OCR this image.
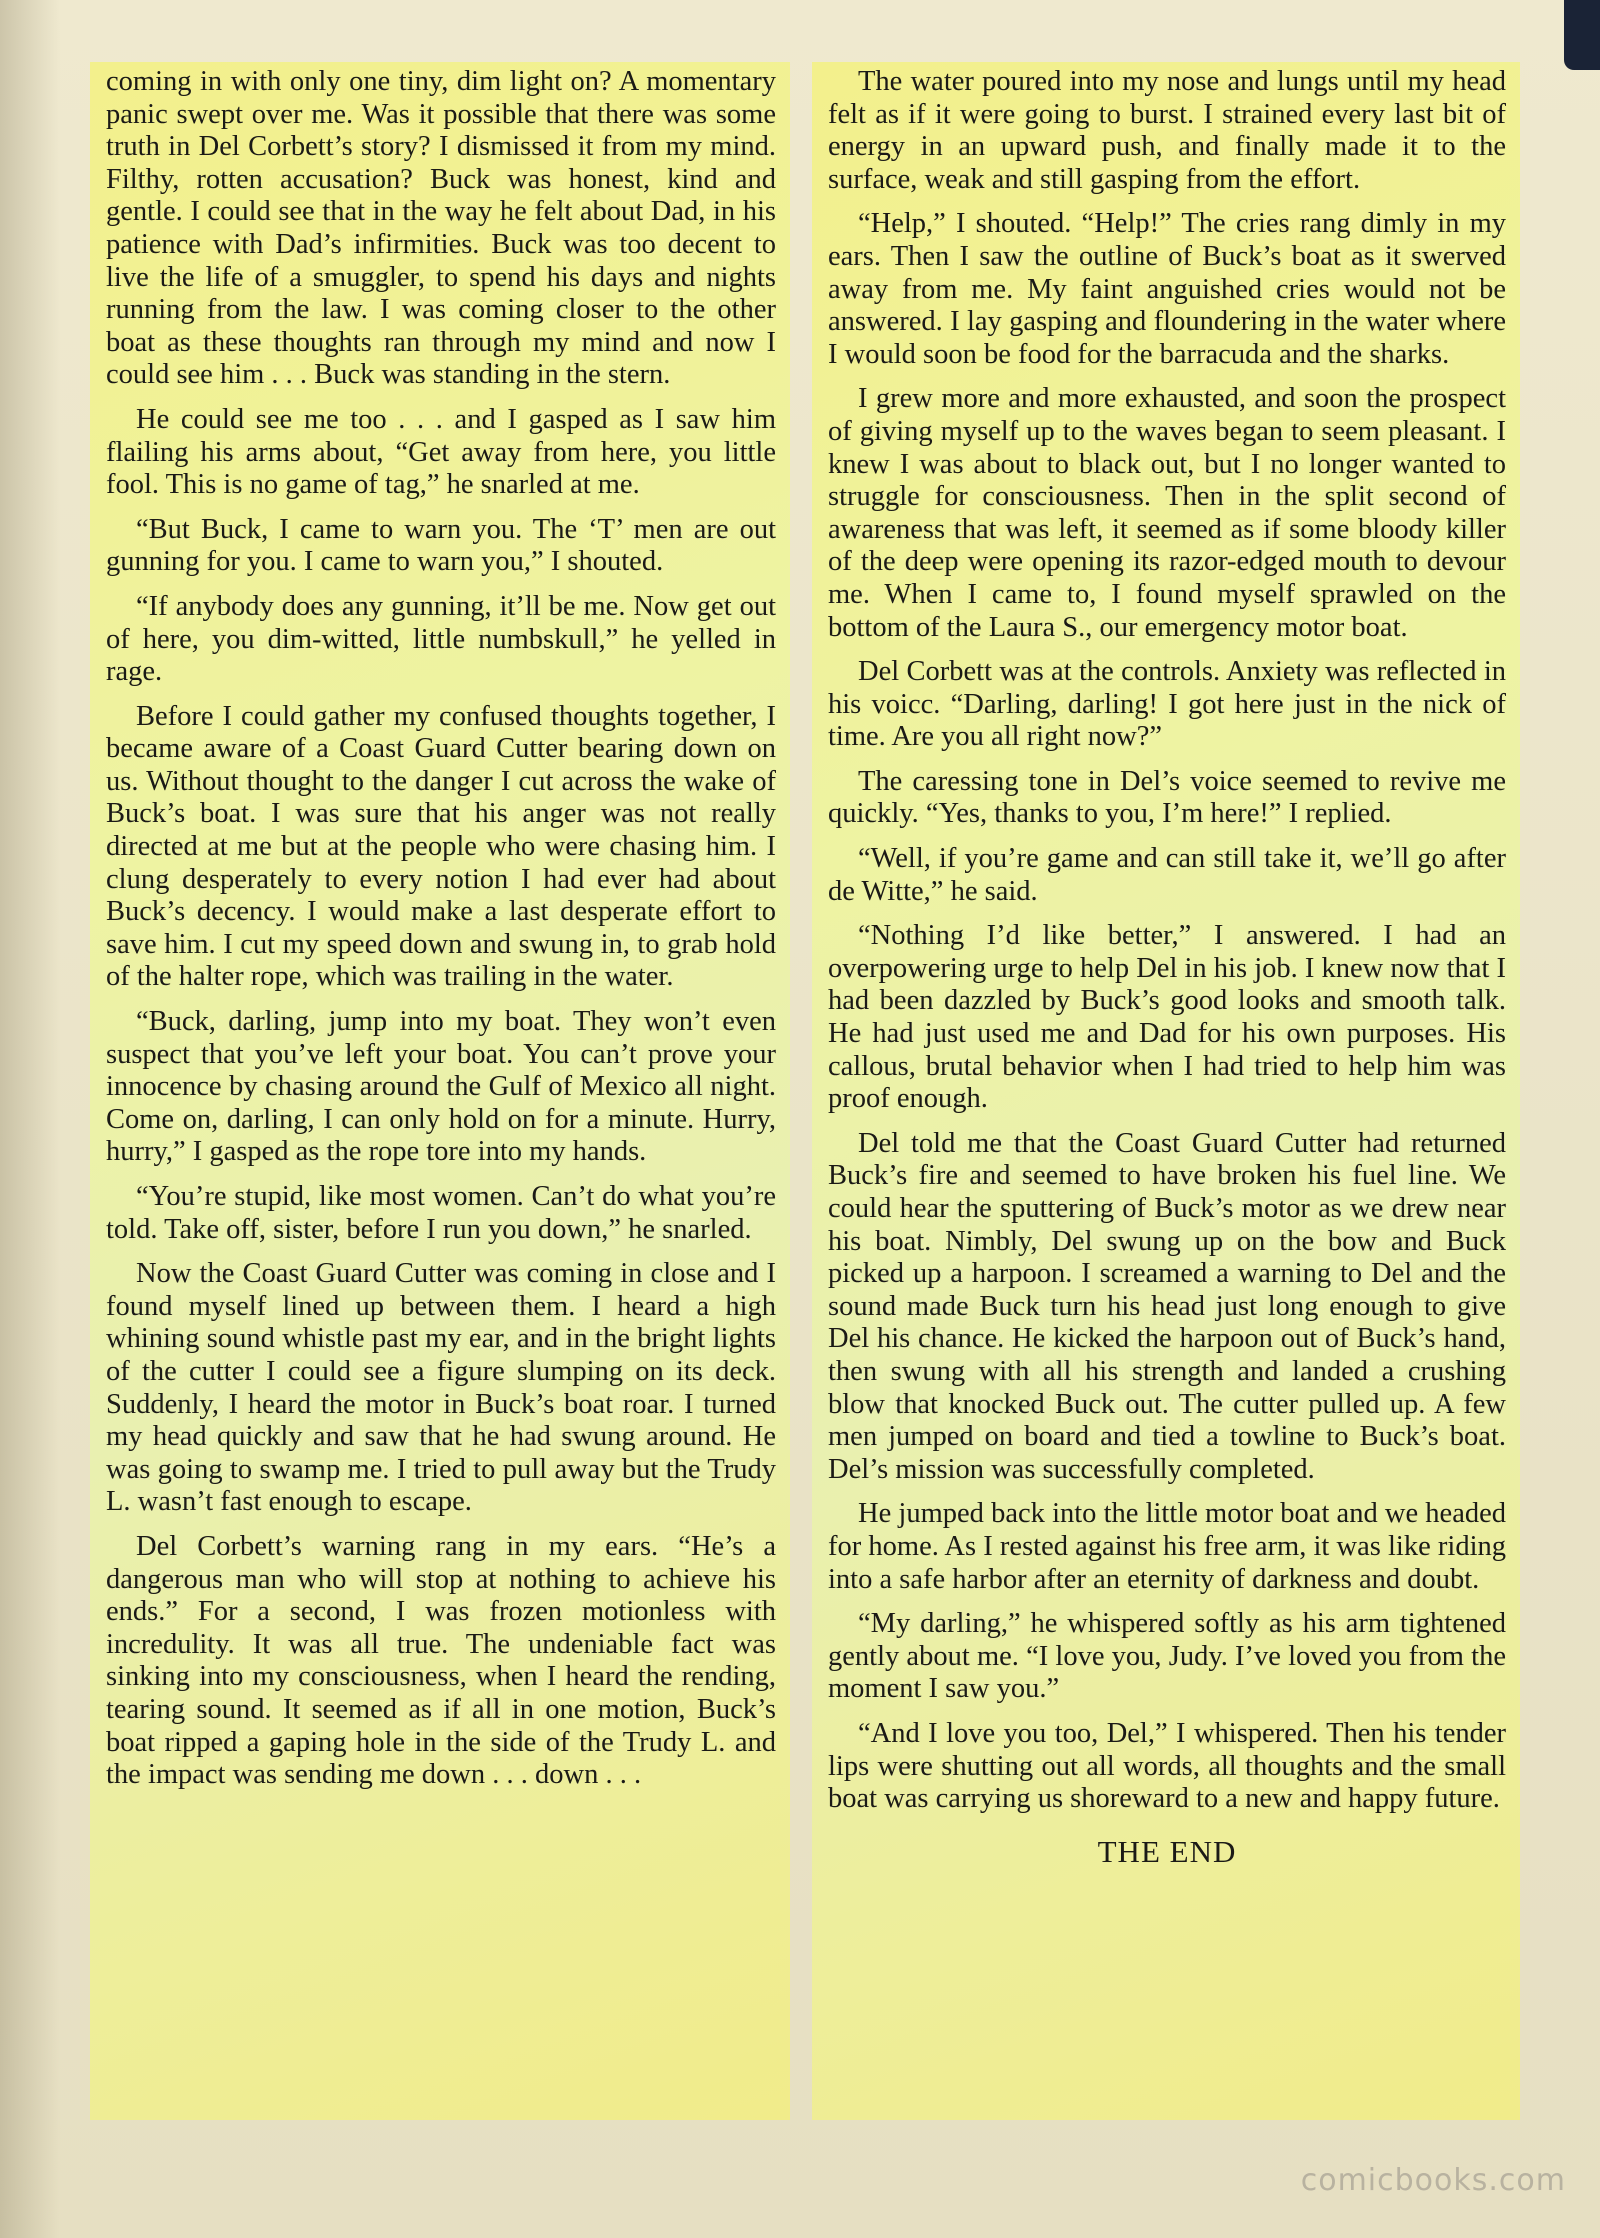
coming in with only one tiny, dim light on? A momentary panic swept over me. Was it possible that there was some truth in Del Corbett’s story? I dismissed it from my mind. Filthy, rotten accusation? Buck was honest, kind and gentle. I could see that in the way he felt about Dad, in his patience with Dad’s infirmities. Buck was too decent to live the life of a smuggler, to spend his days and nights running from the law. I was coming closer to the other boat as these thoughts ran through my mind and now I could see him . . . Buck was standing in the stern.

He could see me too . . . and I gasped as I saw him flailing his arms about, “Get away from here, you little fool. This is no game of tag,” he snarled at me.

“But Buck, I came to warn you. The ‘T’ men are out gunning for you. I came to warn you,” I shouted.

“If anybody does any gunning, it’ll be me. Now get out of here, you dim-witted, little numbskull,” he yelled in rage.

Before I could gather my confused thoughts together, I became aware of a Coast Guard Cutter bearing down on us. Without thought to the danger I cut across the wake of Buck’s boat. I was sure that his anger was not really directed at me but at the people who were chasing him. I clung desperately to every notion I had ever had about Buck’s decency. I would make a last desperate effort to save him. I cut my speed down and swung in, to grab hold of the halter rope, which was trailing in the water.

“Buck, darling, jump into my boat. They won’t even suspect that you’ve left your boat. You can’t prove your innocence by chasing around the Gulf of Mexico all night. Come on, darling, I can only hold on for a minute. Hurry, hurry,” I gasped as the rope tore into my hands.

“You’re stupid, like most women. Can’t do what you’re told. Take off, sister, before I run you down,” he snarled.

Now the Coast Guard Cutter was coming in close and I found myself lined up between them. I heard a high whining sound whistle past my ear, and in the bright lights of the cutter I could see a figure slumping on its deck. Suddenly, I heard the motor in Buck’s boat roar. I turned my head quickly and saw that he had swung around. He was going to swamp me. I tried to pull away but the Trudy L. wasn’t fast enough to escape.

Del Corbett’s warning rang in my ears. “He’s a dangerous man who will stop at nothing to achieve his ends.” For a second, I was frozen motionless with incredulity. It was all true. The undeniable fact was sinking into my consciousness, when I heard the rending, tearing sound. It seemed as if all in one motion, Buck’s boat ripped a gaping hole in the side of the Trudy L. and the impact was sending me down . . . down . . .

The water poured into my nose and lungs until my head felt as if it were going to burst. I strained every last bit of energy in an upward push, and finally made it to the surface, weak and still gasping from the effort.

“Help,” I shouted. “Help!” The cries rang dimly in my ears. Then I saw the outline of Buck’s boat as it swerved away from me. My faint anguished cries would not be answered. I lay gasping and floundering in the water where I would soon be food for the barracuda and the sharks.

I grew more and more exhausted, and soon the prospect of giving myself up to the waves began to seem pleasant. I knew I was about to black out, but I no longer wanted to struggle for consciousness. Then in the split second of awareness that was left, it seemed as if some bloody killer of the deep were opening its razor-edged mouth to devour me. When I came to, I found myself sprawled on the bottom of the Laura S., our emergency motor boat.

Del Corbett was at the controls. Anxiety was reflected in his voicc. “Darling, darling! I got here just in the nick of time. Are you all right now?”

The caressing tone in Del’s voice seemed to revive me quickly. “Yes, thanks to you, I’m here!” I replied.

“Well, if you’re game and can still take it, we’ll go after de Witte,” he said.

“Nothing I’d like better,” I answered. I had an overpowering urge to help Del in his job. I knew now that I had been dazzled by Buck’s good looks and smooth talk. He had just used me and Dad for his own purposes. His callous, brutal behavior when I had tried to help him was proof enough.

Del told me that the Coast Guard Cutter had returned Buck’s fire and seemed to have broken his fuel line. We could hear the sputtering of Buck’s motor as we drew near his boat. Nimbly, Del swung up on the bow and Buck picked up a harpoon. I screamed a warning to Del and the sound made Buck turn his head just long enough to give Del his chance. He kicked the harpoon out of Buck’s hand, then swung with all his strength and landed a crushing blow that knocked Buck out. The cutter pulled up. A few men jumped on board and tied a towline to Buck’s boat. Del’s mission was successfully completed.

He jumped back into the little motor boat and we headed for home. As I rested against his free arm, it was like riding into a safe harbor after an eternity of darkness and doubt.

“My darling,” he whispered softly as his arm tightened gently about me. “I love you, Judy. I’ve loved you from the moment I saw you.”

“And I love you too, Del,” I whispered. Then his tender lips were shutting out all words, all thoughts and the small boat was carrying us shoreward to a new and happy future.

THE END
comicbooks.com
